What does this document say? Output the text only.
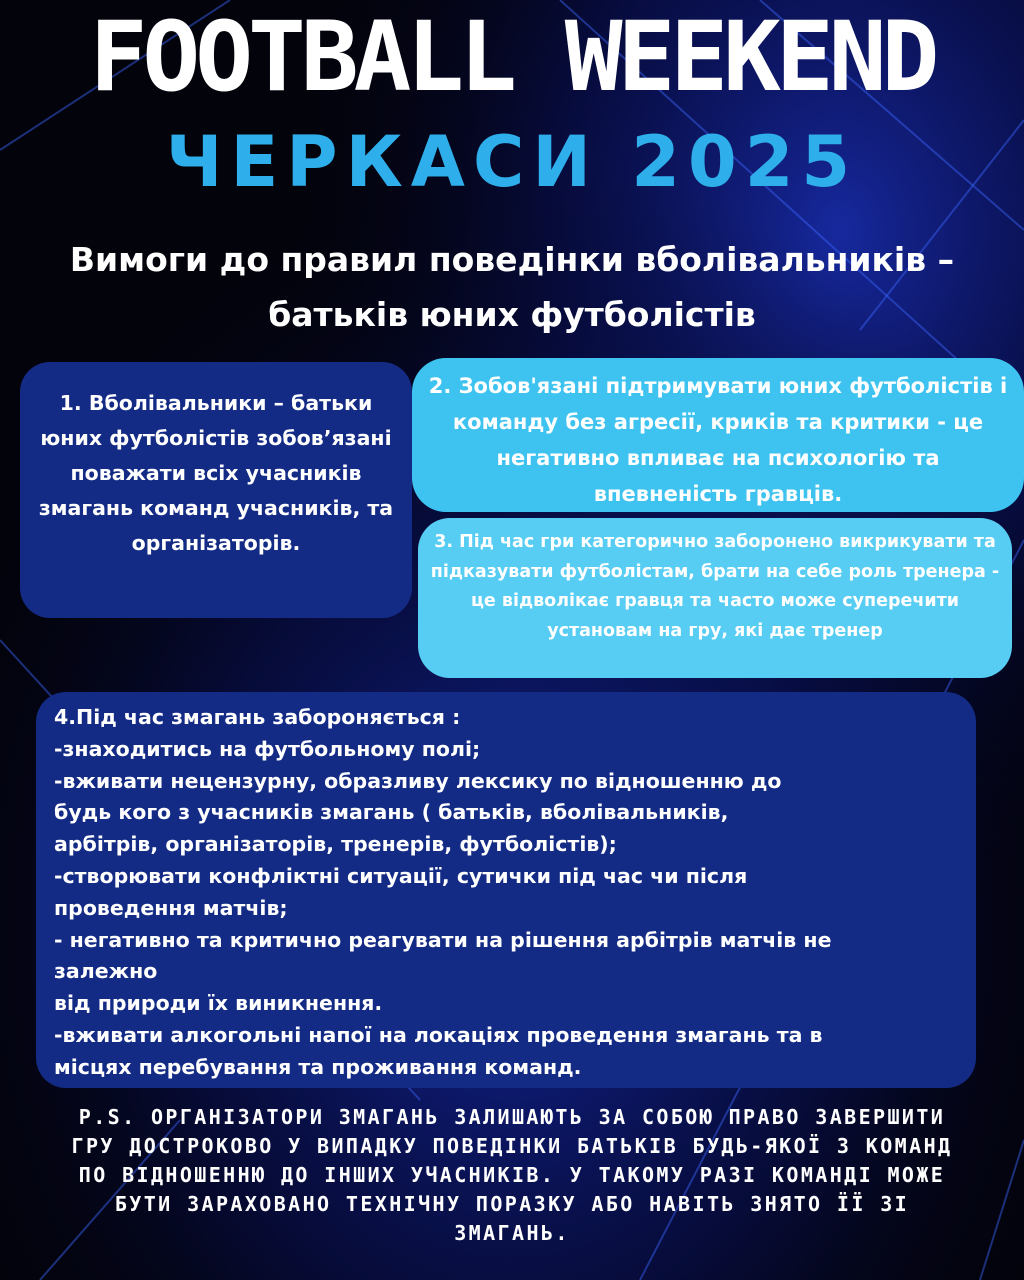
FOOTBALL WEEKEND
ЧЕРКАСИ 2025
Вимоги до правил поведінки вболівальників – батьків юних футболістів
1. Вболівальники – батьки юних футболістів зобов’язані поважати всіх учасників змагань команд учасників, та організаторів.
2. Зобов'язані підтримувати юних футболістів і команду без агресії, криків та критики - це негативно впливає на психологію та впевненість гравців.
3. Під час гри категорично заборонено викрикувати та підказувати футболістам, брати на себе роль тренера - це відволікає гравця та часто може суперечити установам на гру, які дає тренер
4.Під час змагань забороняється :
-знаходитись на футбольному полі;
-вживати нецензурну, образливу лексику по відношенню до
будь кого з учасників змагань ( батьків, вболівальників,
арбітрів, організаторів, тренерів, футболістів);
-створювати конфліктні ситуації, сутички під час чи після
проведення матчів;
- негативно та критично реагувати на рішення арбітрів матчів не
залежно
від природи їх виникнення.
-вживати алкогольні напої на локаціях проведення змагань та в
місцях перебування та проживання команд.
P.S. ОРГАНІЗАТОРИ ЗМАГАНЬ ЗАЛИШАЮТЬ ЗА СОБОЮ ПРАВО ЗАВЕРШИТИ ГРУ ДОСТРОКОВО У ВИПАДКУ ПОВЕДІНКИ БАТЬКІВ БУДЬ-ЯКОЇ З КОМАНД ПО ВІДНОШЕННЮ ДО ІНШИХ УЧАСНИКІВ. У ТАКОМУ РАЗІ КОМАНДІ МОЖЕ БУТИ ЗАРАХОВАНО ТЕХНІЧНУ ПОРАЗКУ АБО НАВІТЬ ЗНЯТО ЇЇ ЗІ ЗМАГАНЬ.
